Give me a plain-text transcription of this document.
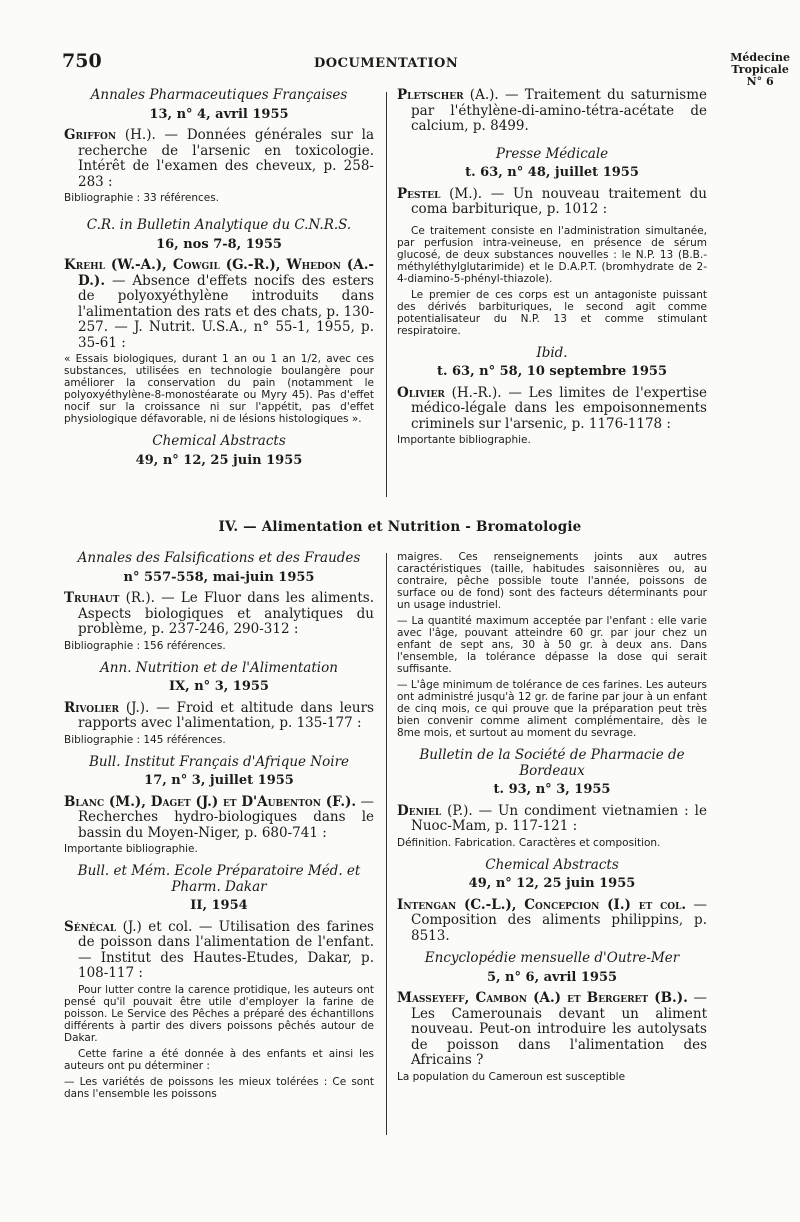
750	DOCUMENTATION	Médecine
Tropicale
N° 6

Annales Pharmaceutiques Françaises

13, n° 4, avril 1955

Griffon (H.). — Données générales sur la recherche de l'arsenic en toxicologie. Intérêt de l'examen des cheveux, p. 258-283 :

Bibliographie : 33 références.

C.R. in Bulletin Analytique du C.N.R.S.

16, nos 7-8, 1955

Krehl (W.-A.), Cowgil (G.-R.), Whedon (A.-D.). — Absence d'effets nocifs des esters de polyoxyéthylène introduits dans l'alimentation des rats et des chats, p. 130-257. — J. Nutrit. U.S.A., n° 55-1, 1955, p. 35-61 :

« Essais biologiques, durant 1 an ou 1 an 1/2, avec ces substances, utilisées en technologie boulangère pour améliorer la conservation du pain (notamment le polyoxyéthylène-8-monostéarate ou Myry 45). Pas d'effet nocif sur la croissance ni sur l'appétit, pas d'effet physiologique défavorable, ni de lésions histologiques ».

Chemical Abstracts

49, n° 12, 25 juin 1955

Pletscher (A.). — Traitement du saturnisme par l'éthylène-di-amino-tétra-acétate de calcium, p. 8499.

Presse Médicale

t. 63, n° 48, juillet 1955

Pestel (M.). — Un nouveau traitement du coma barbiturique, p. 1012 :

Ce traitement consiste en l'administration simultanée, par perfusion intra-veineuse, en présence de sérum glucosé, de deux substances nouvelles : le N.P. 13 (B.B.-méthyléthylglutarimide) et le D.A.P.T. (bromhydrate de 2-4-diamino-5-phényl-thiazole).

Le premier de ces corps est un antagoniste puissant des dérivés barbituriques, le second agit comme potentialisateur du N.P. 13 et comme stimulant respiratoire.

Ibid.

t. 63, n° 58, 10 septembre 1955

Olivier (H.-R.). — Les limites de l'expertise médico-légale dans les empoisonnements criminels sur l'arsenic, p. 1176-1178 :

Importante bibliographie.

IV. — Alimentation et Nutrition - Bromatologie

Annales des Falsifications et des Fraudes

n° 557-558, mai-juin 1955

Truhaut (R.). — Le Fluor dans les aliments. Aspects biologiques et analytiques du problème, p. 237-246, 290-312 :

Bibliographie : 156 références.

Ann. Nutrition et de l'Alimentation

IX, n° 3, 1955

Rivolier (J.). — Froid et altitude dans leurs rapports avec l'alimentation, p. 135-177 :

Bibliographie : 145 références.

Bull. Institut Français d'Afrique Noire

17, n° 3, juillet 1955

Blanc (M.), Daget (J.) et D'Aubenton (F.). — Recherches hydro-biologiques dans le bassin du Moyen-Niger, p. 680-741 :

Importante bibliographie.

Bull. et Mém. Ecole Préparatoire Méd. et Pharm. Dakar

II, 1954

Sénécal (J.) et col. — Utilisation des farines de poisson dans l'alimentation de l'enfant. — Institut des Hautes-Etudes, Dakar, p. 108-117 :

Pour lutter contre la carence protidique, les auteurs ont pensé qu'il pouvait être utile d'employer la farine de poisson. Le Service des Pêches a préparé des échantillons différents à partir des divers poissons pêchés autour de Dakar.

Cette farine a été donnée à des enfants et ainsi les auteurs ont pu déterminer :

— Les variétés de poissons les mieux tolérées : Ce sont dans l'ensemble les poissons

maigres. Ces renseignements joints aux autres caractéristiques (taille, habitudes saisonnières ou, au contraire, pêche possible toute l'année, poissons de surface ou de fond) sont des facteurs déterminants pour un usage industriel.

— La quantité maximum acceptée par l'enfant : elle varie avec l'âge, pouvant atteindre 60 gr. par jour chez un enfant de sept ans, 30 à 50 gr. à deux ans. Dans l'ensemble, la tolérance dépasse la dose qui serait suffisante.

— L'âge minimum de tolérance de ces farines. Les auteurs ont administré jusqu'à 12 gr. de farine par jour à un enfant de cinq mois, ce qui prouve que la préparation peut très bien convenir comme aliment complémentaire, dès le 8me mois, et surtout au moment du sevrage.

Bulletin de la Société de Pharmacie de Bordeaux

t. 93, n° 3, 1955

Deniel (P.). — Un condiment vietnamien : le Nuoc-Mam, p. 117-121 :

Définition. Fabrication. Caractères et composition.

Chemical Abstracts

49, n° 12, 25 juin 1955

Intengan (C.-L.), Concepcion (I.) et col. — Composition des aliments philippins, p. 8513.

Encyclopédie mensuelle d'Outre-Mer

5, n° 6, avril 1955

Masseyeff, Cambon (A.) et Bergeret (B.). — Les Camerounais devant un aliment nouveau. Peut-on introduire les autolysats de poisson dans l'alimentation des Africains ?

La population du Cameroun est susceptible
